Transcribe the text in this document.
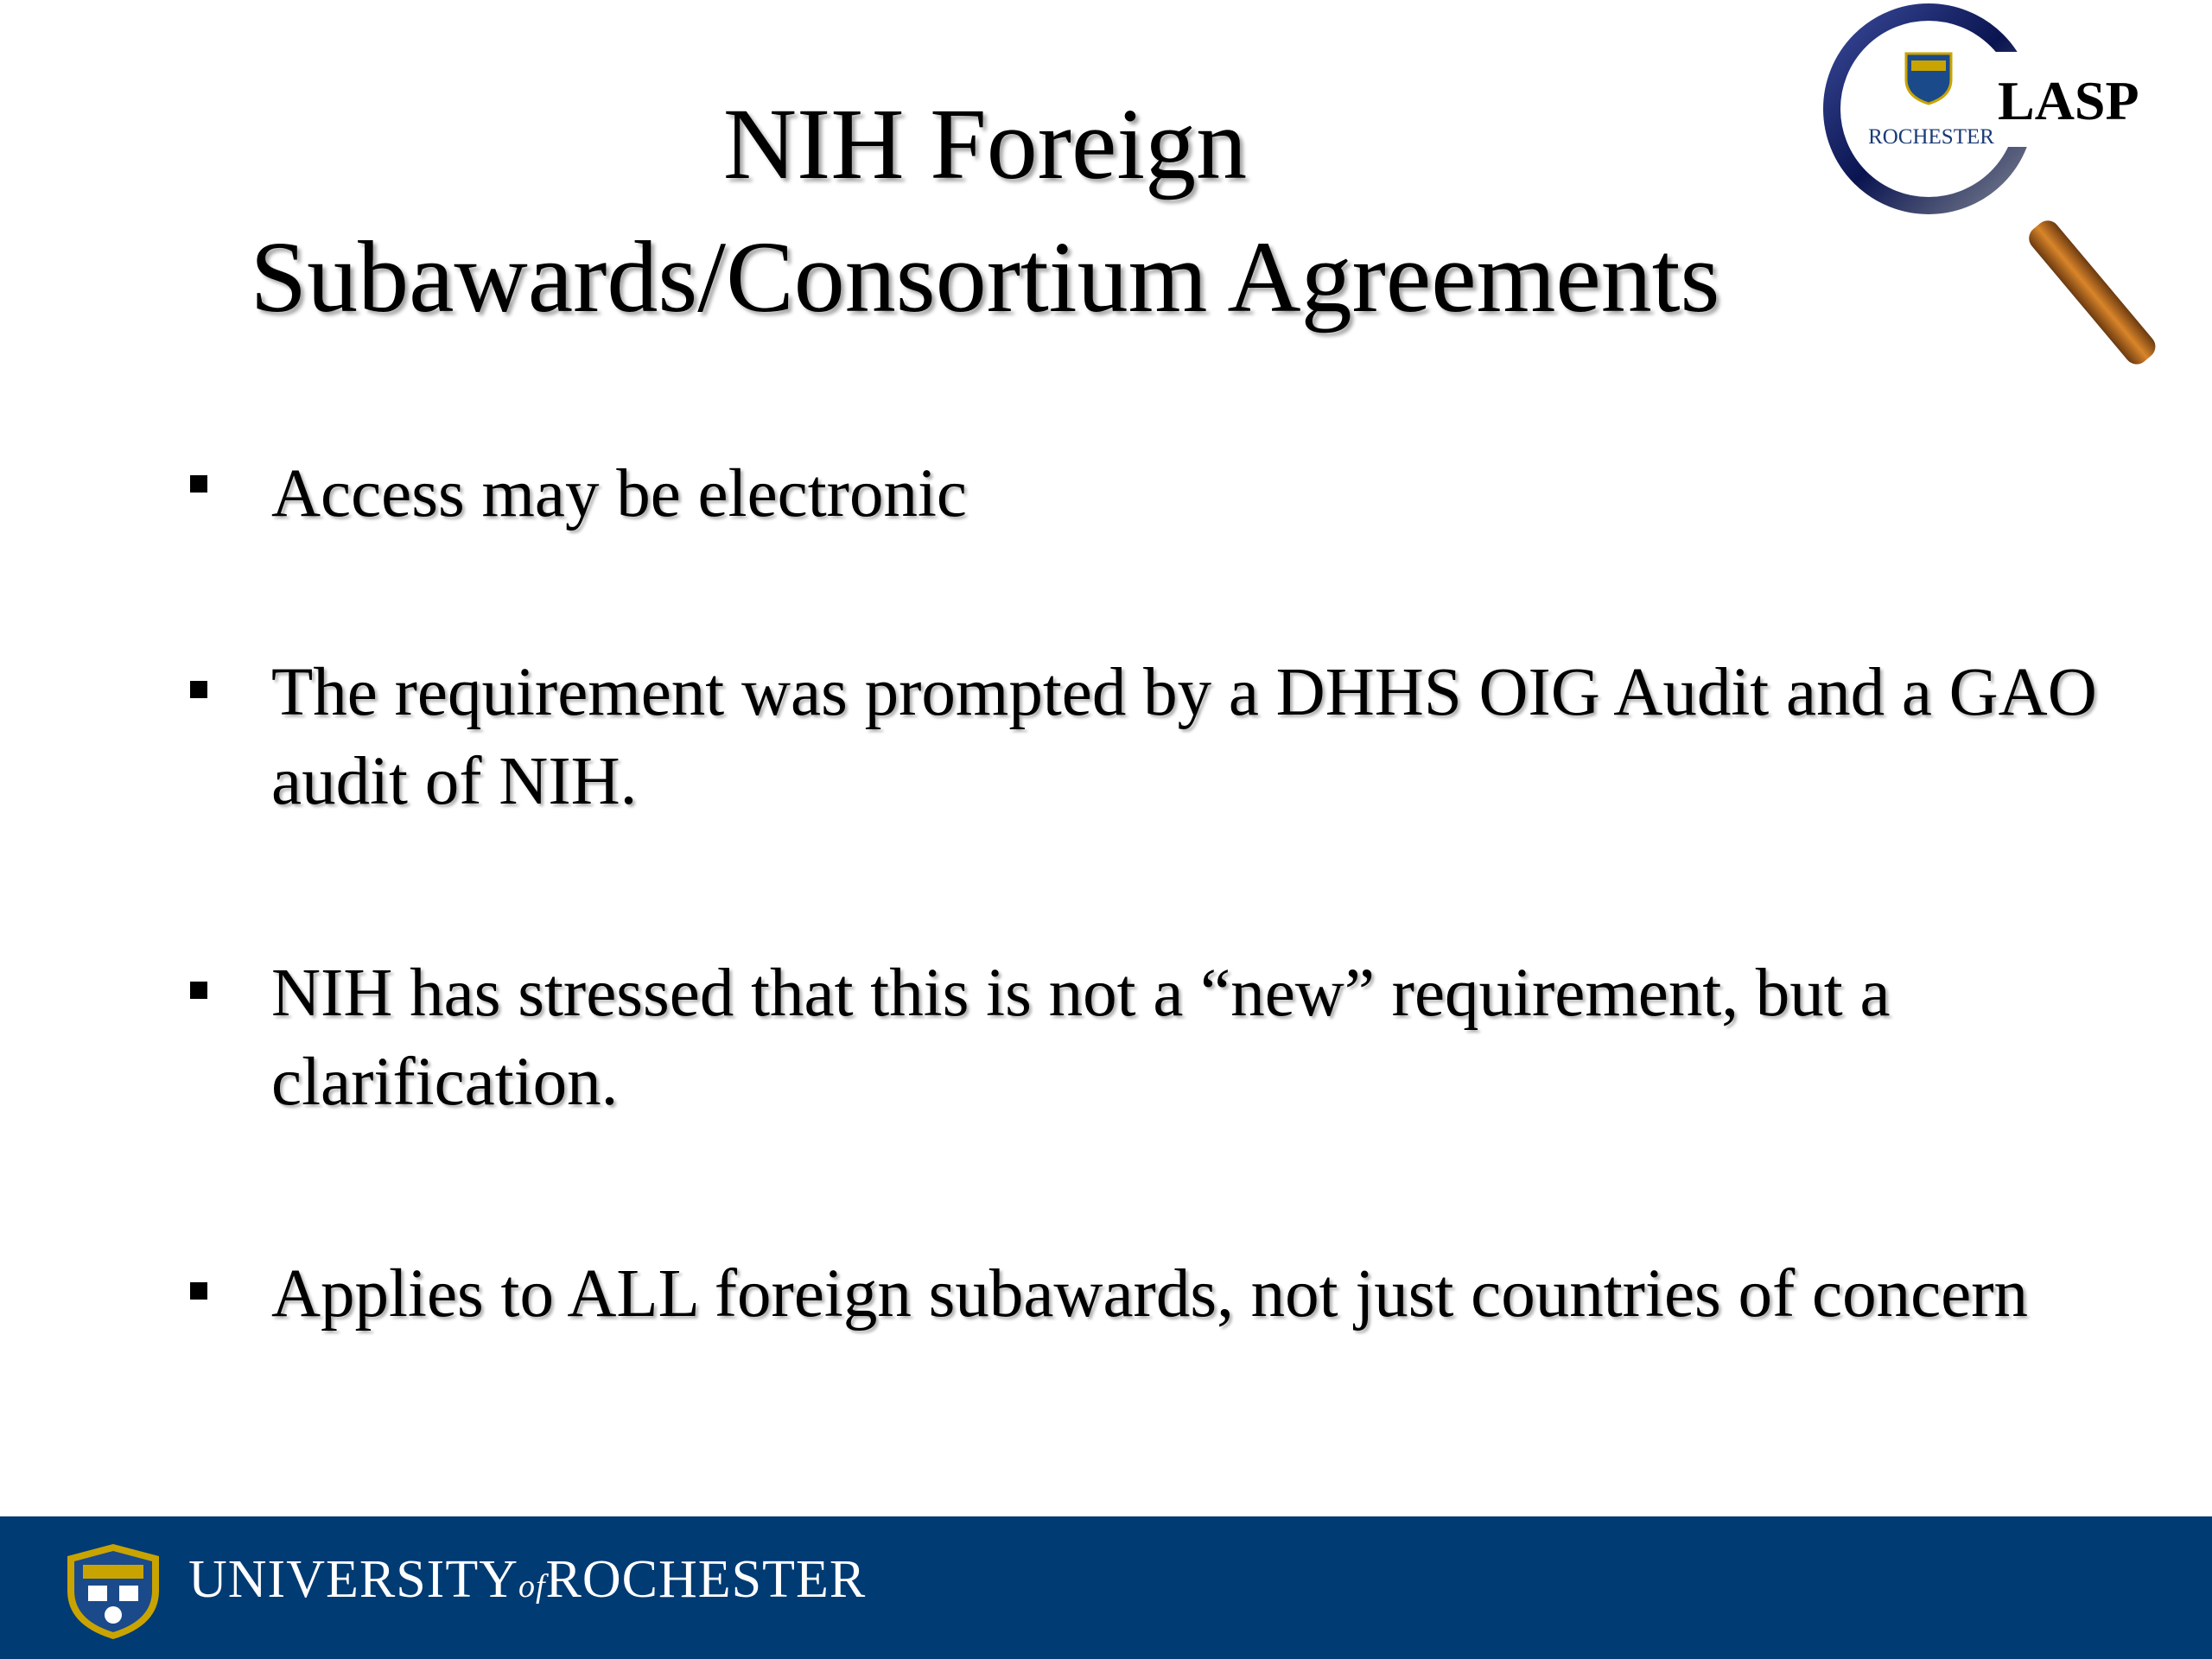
NIH Foreign
Subawards/Consortium Agreements
LASP
ROCHESTER
Access may be electronic
The requirement was prompted by a DHHS OIG Audit and a GAO audit of NIH.
NIH has stressed that this is not a “new” requirement, but a clarification.
Applies to ALL foreign subawards, not just countries of concern
UNIVERSITYofROCHESTER
